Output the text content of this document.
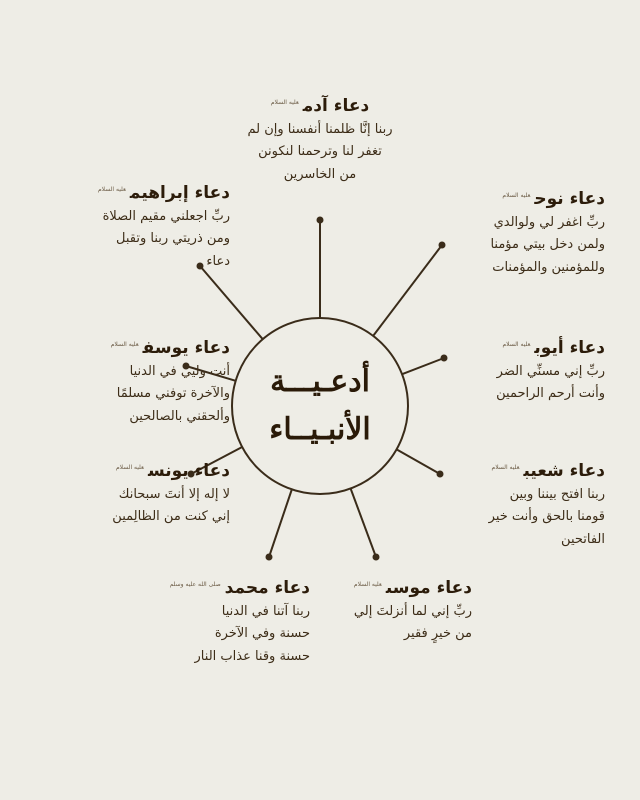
أدعـيـــة
الأنبـيــاء
دعاء آدم$^{عليه السلام}$
ربنا إنَّا ظلمنا أنفسنا وإن لم
تغفر لنا وترحمنا لنكونن
من الخاسرين
دعاء نوح$^{عليه السلام}$
ربِّ اغفر لي ولوالدي
ولمن دخل بيتي مؤمنا
وللمؤمنين والمؤمنات
دعاء أيوب$^{عليه السلام}$
ربِّ إني مسنِّي الضر
وأنت أرحم الراحمين
دعاء شعيب$^{عليه السلام}$
ربنا افتح بيننا وبين
قومنا بالحق وأنت خير
الفاتحين
دعاء موسى$^{عليه السلام}$
ربِّ إني لما أنزلتَ إلي
من خيرٍ فقير
دعاء محمد$^{صلى الله عليه وسلم}$
ربنا آتنا في الدنيا
حسنة وفي الآخرة
حسنة وقنا عذاب النار
دعاء يونس$^{عليه السلام}$
لا إله إلا أنتَ سبحانك
إني كنت من الظالِمين
دعاء يوسف$^{عليه السلام}$
أنت وليي في الدنيا
والآخرة توفني مسلمًا
وألحقني بالصالحين
دعاء إبراهيم$^{عليه السلام}$
ربِّ اجعلني مقيم الصلاة
ومن ذريتي ربنا وتقبل
دعاء
